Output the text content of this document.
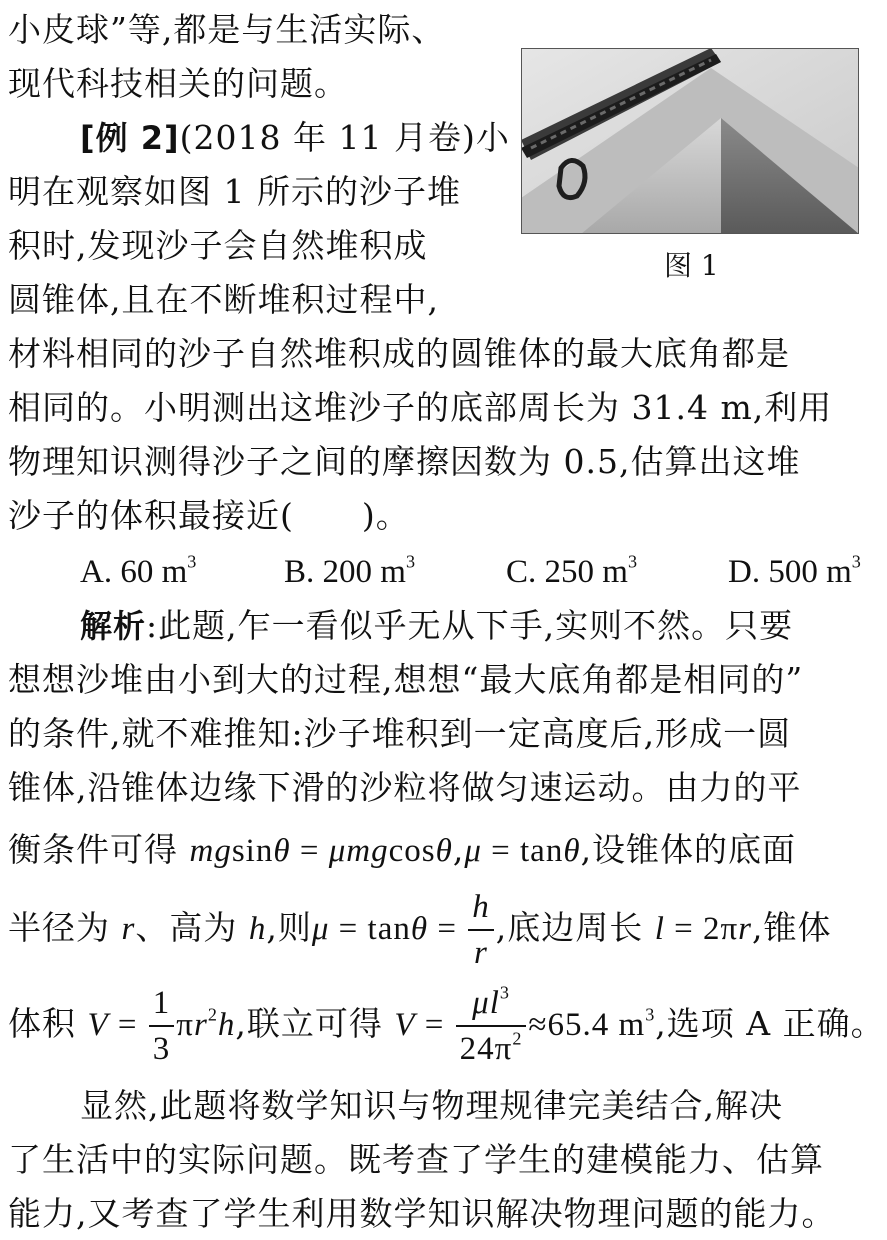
小皮球”等,都是与生活实际、
现代科技相关的问题。
[例 2](2018 年 11 月卷)小
明在观察如图 1 所示的沙子堆
积时,发现沙子会自然堆积成
圆锥体,且在不断堆积过程中,
材料相同的沙子自然堆积成的圆锥体的最大底角都是
相同的。小明测出这堆沙子的底部周长为 31.4 m,利用
物理知识测得沙子之间的摩擦因数为 0.5,估算出这堆
沙子的体积最接近(　　)。
图 1
A. 60 $m^3$	B. 200 $m^3$	C. 250 $m^3$	D. 500 $m^3$
解析:此题,乍一看似乎无从下手,实则不然。只要
想想沙堆由小到大的过程,想想“最大底角都是相同的”
的条件,就不难推知:沙子堆积到一定高度后,形成一圆
锥体,沿锥体边缘下滑的沙粒将做匀速运动。由力的平
衡条件可得 mgsinθ = μmgcosθ,μ = tanθ,设锥体的底面
半径为 r、高为 h,则$\mu = \tan\theta = \frac{h}{r}$ ,底边周长 l = 2πr,锥体
体积 $V = \frac{1}{3} \pi r^2h$,联立可得 $V = \frac{\mu l^3}{24\pi^2} \approx 65.4$ $m^3$,选项 A 正确。
显然,此题将数学知识与物理规律完美结合,解决
了生活中的实际问题。既考查了学生的建模能力、估算
能力,又考查了学生利用数学知识解决物理问题的能力。
